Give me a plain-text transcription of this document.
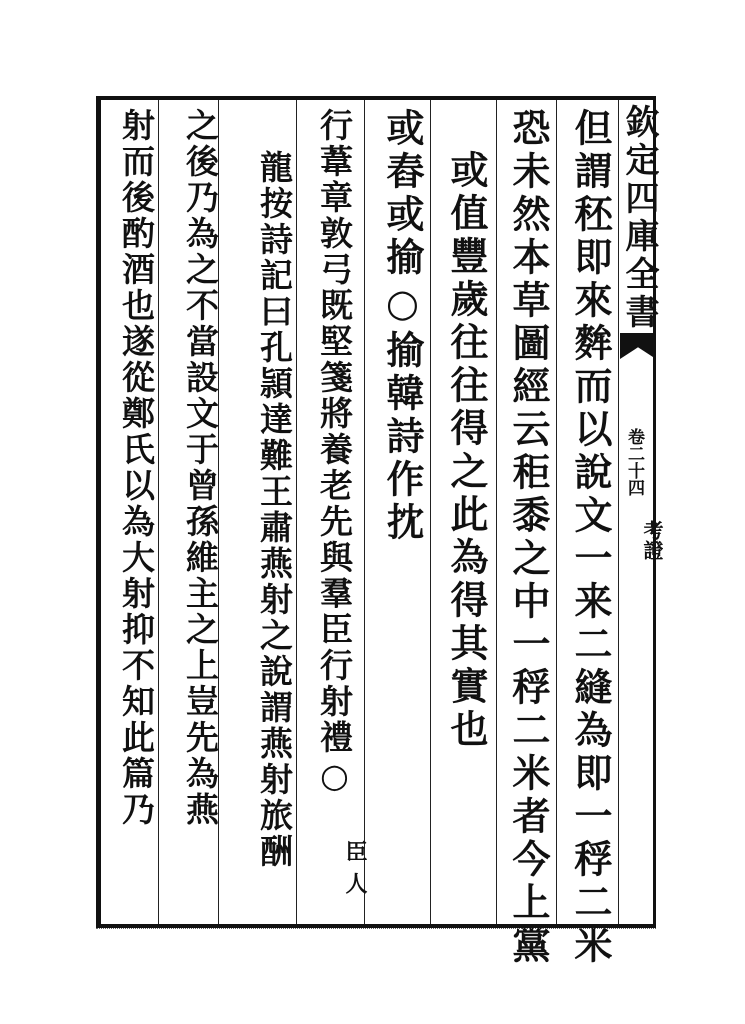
欽定四庫全書
卷二十四
考證
但謂秠即來麰而以說文一来二縫為即一稃二米
恐未然本草圖經云秬黍之中一稃二米者今上黨
或值豐歲往往得之此為得其實也
或舂或揄○揄韓詩作抌
行葦章敦弓既堅箋將養老先與羣臣行射禮○
龍按詩記曰孔頴達難王肅燕射之說謂燕射旅酬
之後乃為之不當設文于曾孫維主之上豈先為燕
射而後酌酒也遂從鄭氏以為大射抑不知此篇乃
臣
人
